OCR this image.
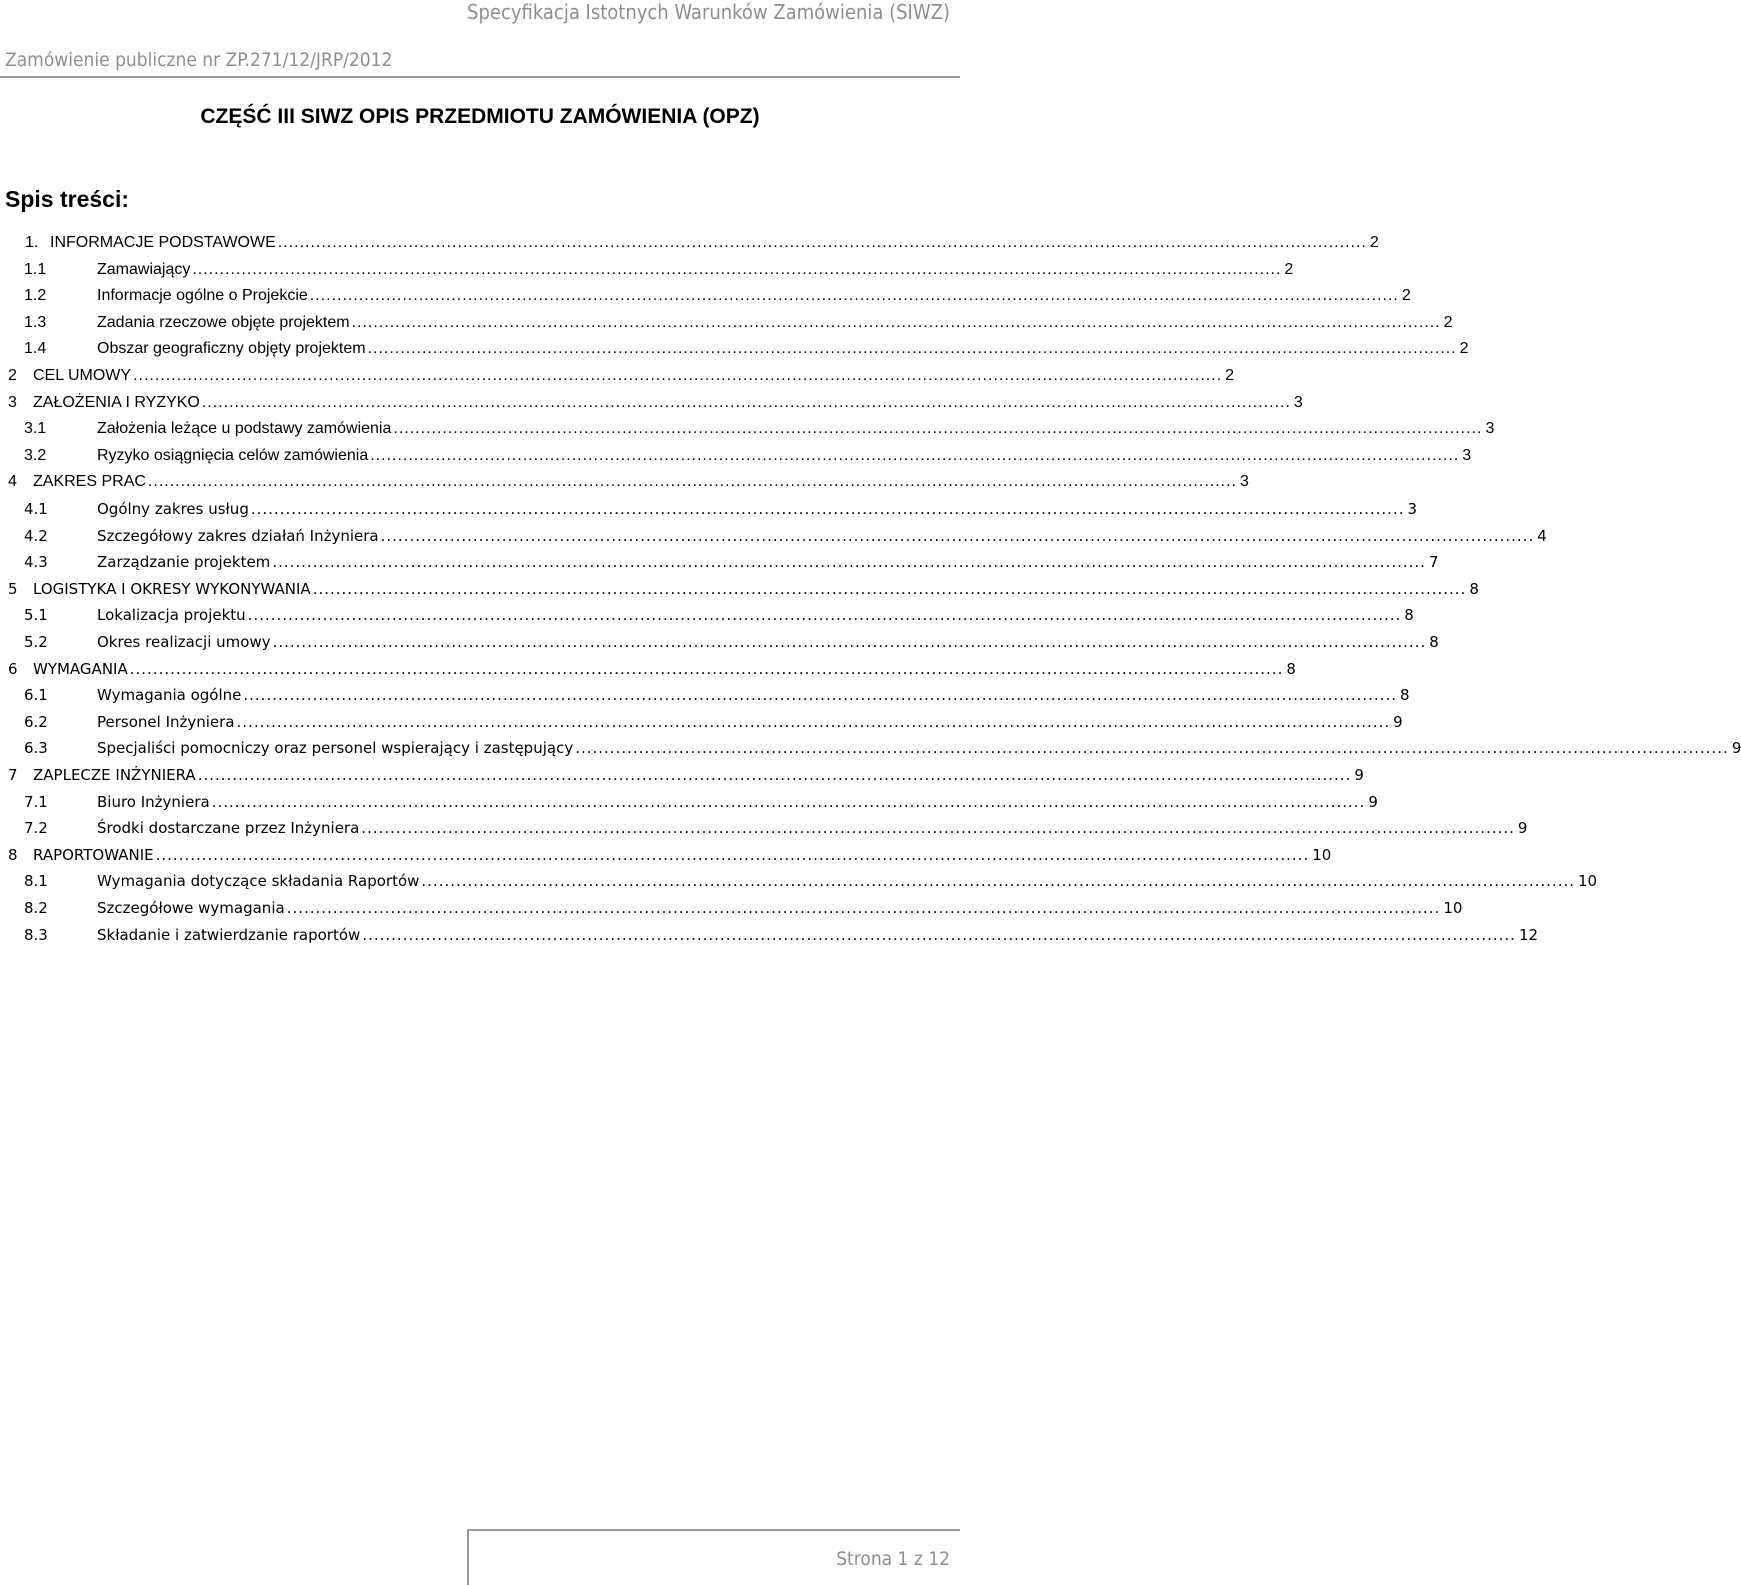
Specyfikacja Istotnych Warunków Zamówienia (SIWZ)
Zamówienie publiczne nr ZP.271/12/JRP/2012
CZĘŚĆ III SIWZ OPIS PRZEDMIOTU ZAMÓWIENIA (OPZ)
Spis treści:
1. INFORMACJE PODSTAWOWE ........................................................................................................................................................................................................ 2
1.1	Zamawiający ........................................................................................................................................................................................................ 2
1.2	Informacje ogólne o Projekcie ........................................................................................................................................................................................................ 2
1.3	Zadania rzeczowe objęte projektem ........................................................................................................................................................................................................ 2
1.4	Obszar geograficzny objęty projektem ........................................................................................................................................................................................................ 2
2	CEL UMOWY ........................................................................................................................................................................................................ 2
3	ZAŁOŻENIA I RYZYKO ........................................................................................................................................................................................................ 3
3.1	Założenia leżące u podstawy zamówienia ........................................................................................................................................................................................................ 3
3.2	Ryzyko osiągnięcia celów zamówienia ........................................................................................................................................................................................................ 3
4	ZAKRES PRAC ........................................................................................................................................................................................................ 3
4.1	Ogólny zakres usług ........................................................................................................................................................................................................ 3
4.2	Szczegółowy zakres działań Inżyniera ........................................................................................................................................................................................................ 4
4.3	Zarządzanie projektem ........................................................................................................................................................................................................ 7
5	LOGISTYKA I OKRESY WYKONYWANIA ........................................................................................................................................................................................................ 8
5.1	Lokalizacja projektu ........................................................................................................................................................................................................ 8
5.2	Okres realizacji umowy ........................................................................................................................................................................................................ 8
6	WYMAGANIA ........................................................................................................................................................................................................ 8
6.1	Wymagania ogólne ........................................................................................................................................................................................................ 8
6.2	Personel Inżyniera ........................................................................................................................................................................................................ 9
6.3	Specjaliści pomocniczy oraz personel wspierający i zastępujący ........................................................................................................................................................................................................ 9
7	ZAPLECZE INŻYNIERA ........................................................................................................................................................................................................ 9
7.1	Biuro Inżyniera ........................................................................................................................................................................................................ 9
7.2	Środki dostarczane przez Inżyniera ........................................................................................................................................................................................................ 9
8	RAPORTOWANIE ........................................................................................................................................................................................................ 10
8.1	Wymagania dotyczące składania Raportów ........................................................................................................................................................................................................ 10
8.2	Szczegółowe wymagania ........................................................................................................................................................................................................ 10
8.3	Składanie i zatwierdzanie raportów ........................................................................................................................................................................................................ 12
Strona 1 z 12
